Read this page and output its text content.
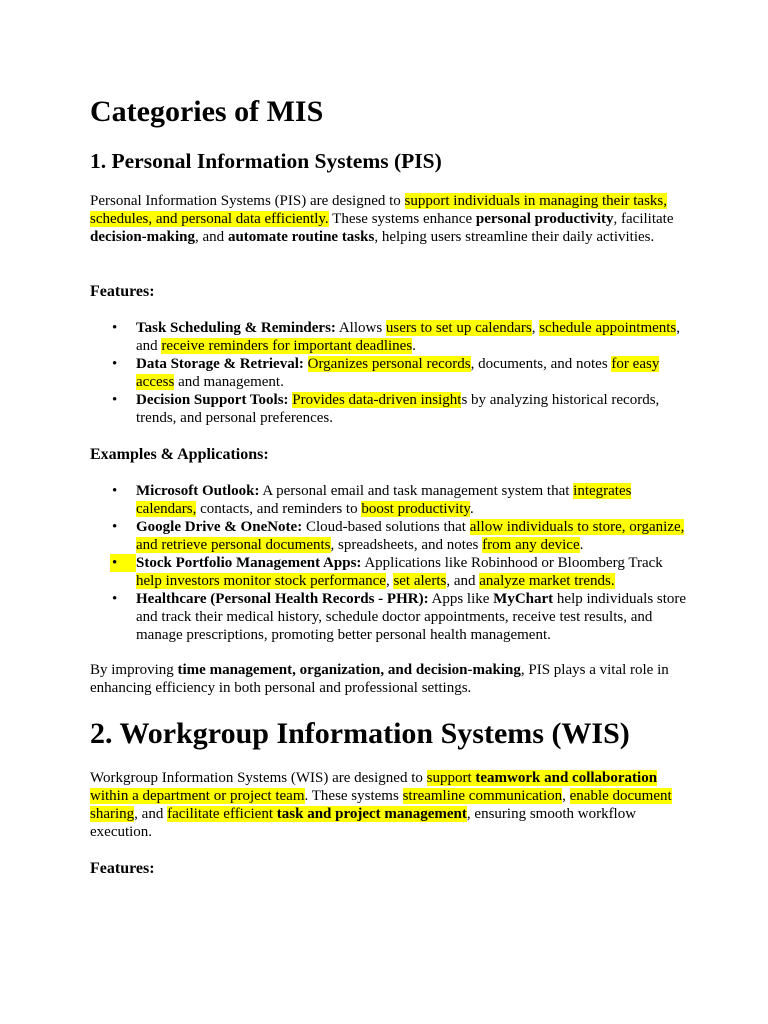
Categories of MIS
1. Personal Information Systems (PIS)
Personal Information Systems (PIS) are designed to support individuals in managing their tasks, schedules, and personal data efficiently. These systems enhance personal productivity, facilitate decision-making, and automate routine tasks, helping users streamline their daily activities.
Features:
• Task Scheduling & Reminders: Allows users to set up calendars, schedule appointments, and receive reminders for important deadlines.
• Data Storage & Retrieval: Organizes personal records, documents, and notes for easy access and management.
• Decision Support Tools: Provides data-driven insights by analyzing historical records, trends, and personal preferences.
Examples & Applications:
• Microsoft Outlook: A personal email and task management system that integrates calendars, contacts, and reminders to boost productivity.
• Google Drive & OneNote: Cloud-based solutions that allow individuals to store, organize, and retrieve personal documents, spreadsheets, and notes from any device.
•	Stock Portfolio Management Apps: Applications like Robinhood or Bloomberg Track help investors monitor stock performance, set alerts, and analyze market trends.
• Healthcare (Personal Health Records - PHR): Apps like MyChart help individuals store and track their medical history, schedule doctor appointments, receive test results, and manage prescriptions, promoting better personal health management.
By improving time management, organization, and decision-making, PIS plays a vital role in enhancing efficiency in both personal and professional settings.
2. Workgroup Information Systems (WIS)
Workgroup Information Systems (WIS) are designed to support teamwork and collaboration within a department or project team. These systems streamline communication, enable document sharing, and facilitate efficient task and project management, ensuring smooth workflow execution.
Features:
